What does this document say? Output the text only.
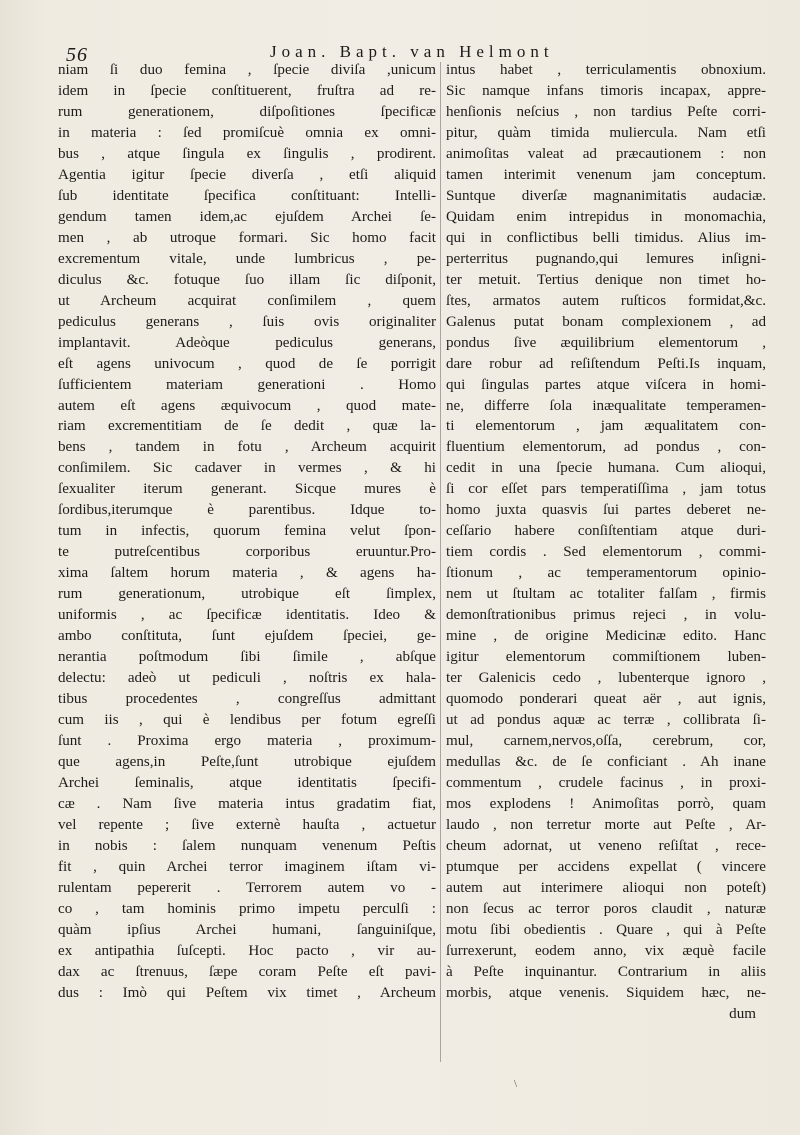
56	Joan. Bapt. van Helmont
niam ſi duo femina , ſpecie diviſa ,unicum
idem in ſpecie conſtituerent, fruſtra ad re-
rum generationem, diſpoſitiones ſpecificæ
in materia : ſed promiſcuè omnia ex omni-
bus , atque ſingula ex ſingulis , prodirent.
Agentia igitur ſpecie diverſa , etſi aliquid
ſub identitate ſpecifica conſtituant: Intelli-
gendum tamen idem,ac ejuſdem Archei ſe-
men , ab utroque formari. Sic homo facit
excrementum vitale, unde lumbricus , pe-
diculus &c. fotuque ſuo illam ſic diſponit,
ut Archeum acquirat conſimilem , quem
pediculus generans , ſuis ovis originaliter
implantavit. Adeòque pediculus generans,
eſt agens univocum , quod de ſe porrigit
ſufficientem materiam generationi . Homo
autem eſt agens æquivocum , quod mate-
riam excrementitiam de ſe dedit , quæ la-
bens , tandem in fotu , Archeum acquirit
conſimilem. Sic cadaver in vermes , & hi
ſexualiter iterum generant. Sicque mures è
ſordibus,iterumque è parentibus. Idque to-
tum in infectis, quorum femina velut ſpon-
te putreſcentibus corporibus eruuntur.Pro-
xima ſaltem horum materia , & agens ha-
rum generationum, utrobique eſt ſimplex,
uniformis , ac ſpecificæ identitatis. Ideo &
ambo conſtituta, ſunt ejuſdem ſpeciei, ge-
nerantia poſtmodum ſibi ſimile , abſque
delectu: adeò ut pediculi , noſtris ex hala-
tibus procedentes , congreſſus admittant
cum iis , qui è lendibus per fotum egreſſi
ſunt . Proxima ergo materia , proximum-
que agens,in Peſte,ſunt utrobique ejuſdem
Archei ſeminalis, atque identitatis ſpecifi-
cæ . Nam ſive materia intus gradatim fiat,
vel repente ; ſive externè hauſta , actuetur
in nobis : ſalem nunquam venenum Peſtis
fit , quin Archei terror imaginem iſtam vi-
rulentam pepererit . Terrorem autem vo -
co , tam hominis primo impetu perculſi :
quàm ipſius Archei humani, ſanguiniſque,
ex antipathia ſuſcepti. Hoc pacto , vir au-
dax ac ſtrenuus, ſæpe coram Peſte eſt pavi-
dus : Imò qui Peſtem vix timet , Archeum
intus habet , terriculamentis obnoxium.
Sic namque infans timoris incapax, appre-
henſionis neſcius , non tardius Peſte corri-
pitur, quàm timida muliercula. Nam etſi
animoſitas valeat ad præcautionem : non
tamen interimit venenum jam conceptum.
Suntque diverſæ magnanimitatis audaciæ.
Quidam enim intrepidus in monomachia,
qui in conflictibus belli timidus. Alius im-
perterritus pugnando,qui lemures inſigni-
ter metuit. Tertius denique non timet ho-
ſtes, armatos autem ruſticos formidat,&c.
Galenus putat bonam complexionem , ad
pondus ſive æquilibrium elementorum ,
dare robur ad reſiſtendum Peſti.Is inquam,
qui ſingulas partes atque viſcera in homi-
ne, differre ſola inæqualitate temperamen-
ti elementorum , jam æqualitatem con-
fluentium elementorum, ad pondus , con-
cedit in una ſpecie humana. Cum alioqui,
ſi cor eſſet pars temperatiſſima , jam totus
homo juxta quasvis ſui partes deberet ne-
ceſſario habere conſiſtentiam atque duri-
tiem cordis . Sed elementorum , commi-
ſtionum , ac temperamentorum opinio-
nem ut ſtultam ac totaliter falſam , firmis
demonſtrationibus primus rejeci , in volu-
mine , de origine Medicinæ edito. Hanc
igitur elementorum commiſtionem luben-
ter Galenicis cedo , lubenterque ignoro ,
quomodo ponderari queat aër , aut ignis,
ut ad pondus aquæ ac terræ , collibrata ſi-
mul, carnem,nervos,oſſa, cerebrum, cor,
medullas &c. de ſe conficiant . Ah inane
commentum , crudele facinus , in proxi-
mos explodens ! Animoſitas porrò, quam
laudo , non terretur morte aut Peſte , Ar-
cheum adornat, ut veneno reſiſtat , rece-
ptumque per accidens expellat ( vincere
autem aut interimere alioqui non poteſt)
non ſecus ac terror poros claudit , naturæ
motu ſibi obedientis . Quare , qui à Peſte
ſurrexerunt, eodem anno, vix æquè facile
à Peſte inquinantur. Contrarium in aliis
morbis, atque venenis. Siquidem hæc, ne-
dum
\
